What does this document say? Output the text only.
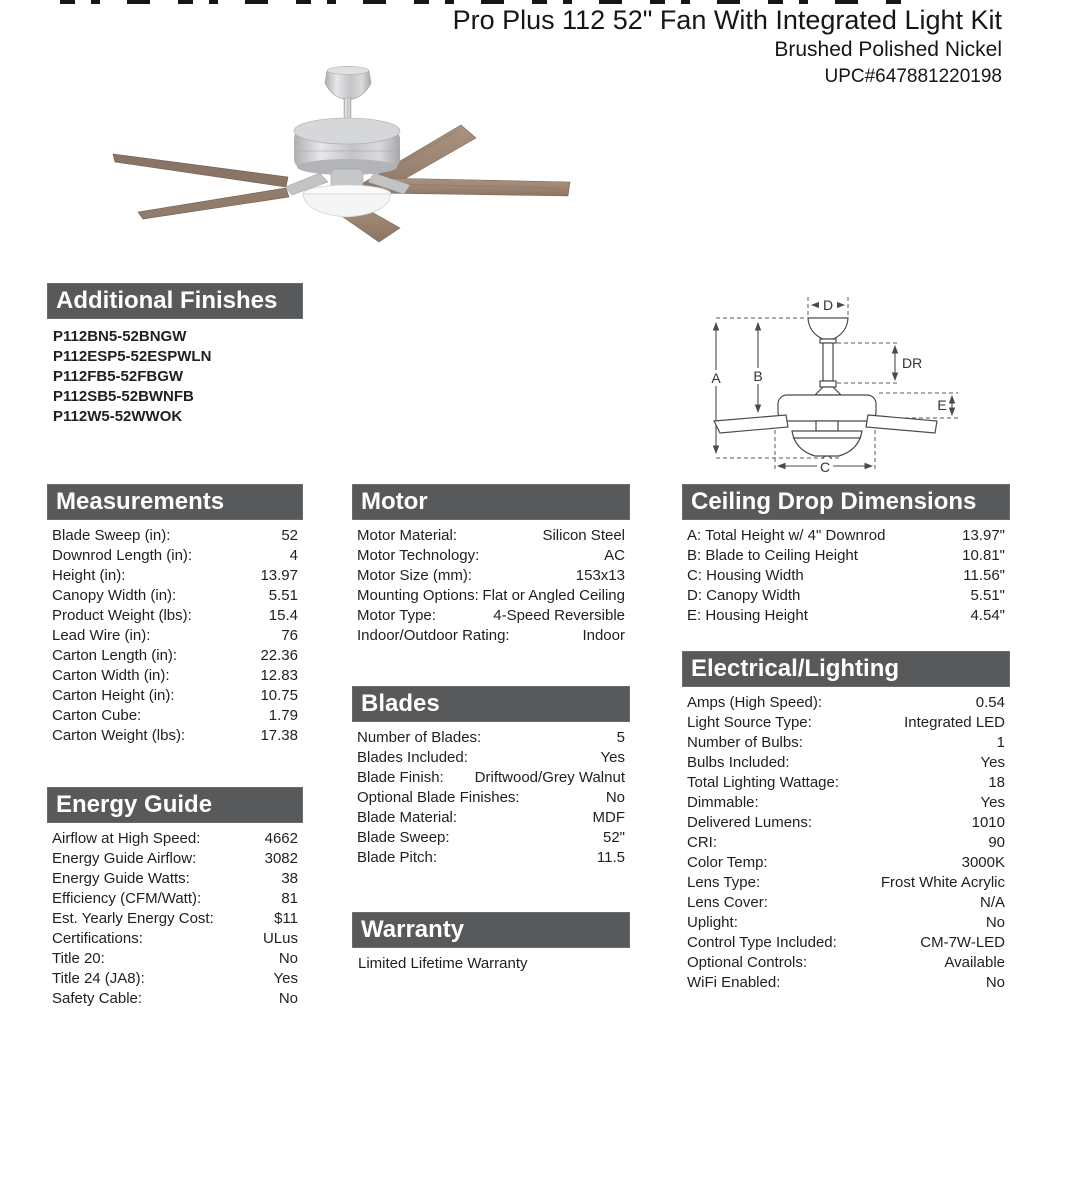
Pro Plus 112 52" Fan With Integrated Light Kit
Brushed Polished Nickel
UPC#647881220198
Additional Finishes
P112BN5-52BNGW
P112ESP5-52ESPWLN
P112FB5-52FBGW
P112SB5-52BWNFB
P112W5-52WWOK
A B
D
DR
E
C
Measurements
Blade Sweep (in):	52
Downrod Length (in):	4
Height (in):	13.97
Canopy Width (in):	5.51
Product Weight (lbs):	15.4
Lead Wire (in):	76
Carton Length (in):	22.36
Carton Width (in):	12.83
Carton Height (in):	10.75
Carton Cube:	1.79
Carton Weight (lbs):	17.38
Energy Guide
Airflow at High Speed:	4662
Energy Guide Airflow:	3082
Energy Guide Watts:	38
Efficiency (CFM/Watt):	81
Est. Yearly Energy Cost:	$11
Certifications:	ULus
Title 20:	No
Title 24 (JA8):	Yes
Safety Cable:	No
Motor
Motor Material:	Silicon Steel
Motor Technology:	AC
Motor Size (mm):	153x13
Mounting Options: Flat or Angled Ceiling
Motor Type:	4-Speed Reversible
Indoor/Outdoor Rating:	Indoor
Blades
Number of Blades:	5
Blades Included:	Yes
Blade Finish: Driftwood/Grey Walnut
Optional Blade Finishes:	No
Blade Material:	MDF
Blade Sweep:	52"
Blade Pitch:	11.5
Warranty
Limited Lifetime Warranty
Ceiling Drop Dimensions
A: Total Height w/ 4" Downrod	13.97"
B: Blade to Ceiling Height	10.81"
C: Housing Width	11.56"
D: Canopy Width	5.51"
E: Housing Height	4.54"
Electrical/Lighting
Amps (High Speed):	0.54
Light Source Type:	Integrated LED
Number of Bulbs:	1
Bulbs Included:	Yes
Total Lighting Wattage:	18
Dimmable:	Yes
Delivered Lumens:	1010
CRI:	90
Color Temp:	3000K
Lens Type:	Frost White Acrylic
Lens Cover:	N/A
Uplight:	No
Control Type Included:	CM-7W-LED
Optional Controls:	Available
WiFi Enabled:	No
